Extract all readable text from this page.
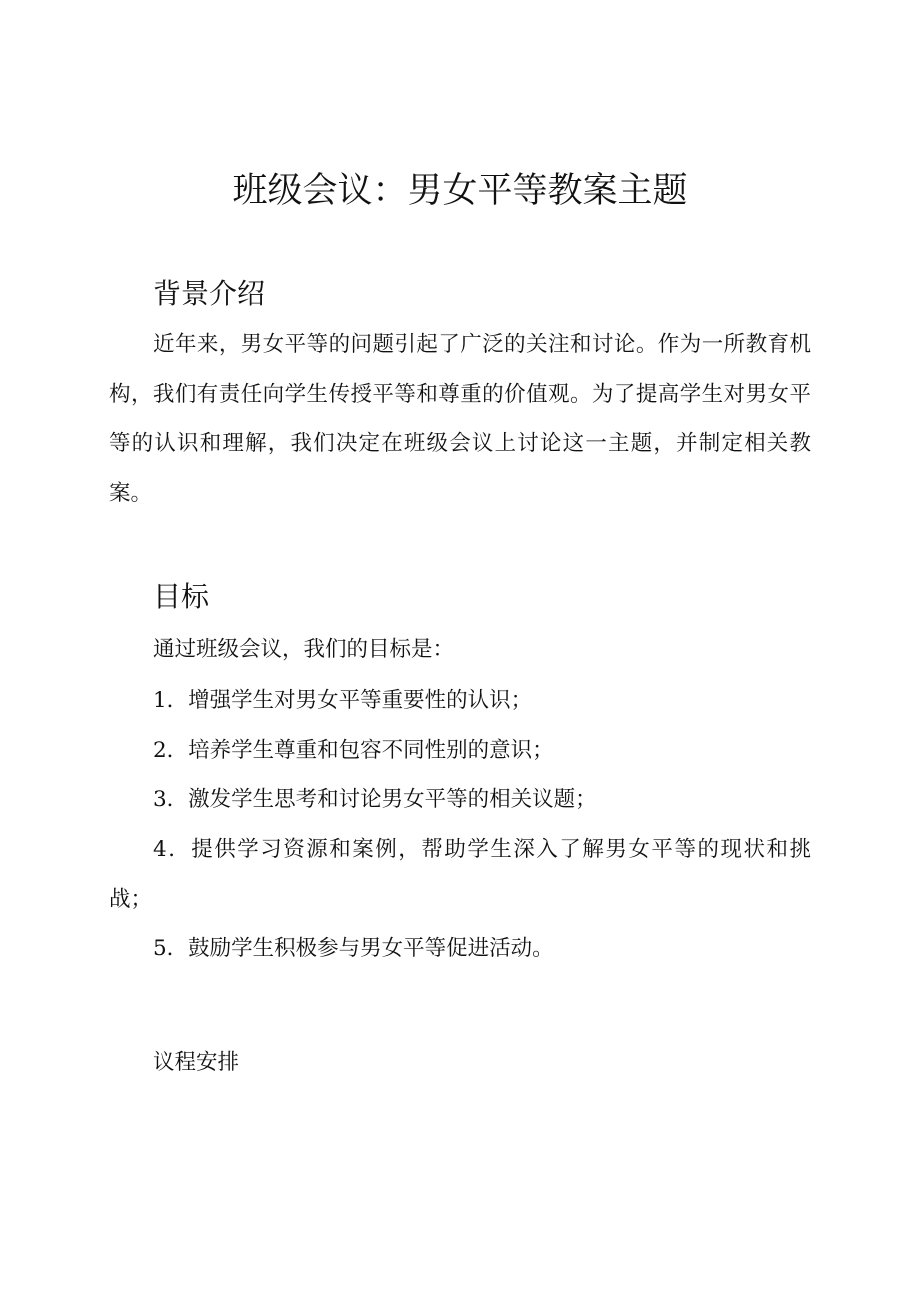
班级会议：男女平等教案主题
背景介绍

近年来，男女平等的问题引起了广泛的关注和讨论。作为一所教育机构，我们有责任向学生传授平等和尊重的价值观。为了提高学生对男女平等的认识和理解，我们决定在班级会议上讨论这一主题，并制定相关教案。

目标

通过班级会议，我们的目标是：

1．增强学生对男女平等重要性的认识；

2．培养学生尊重和包容不同性别的意识；

3．激发学生思考和讨论男女平等的相关议题；

4．提供学习资源和案例，帮助学生深入了解男女平等的现状和挑战；

5．鼓励学生积极参与男女平等促进活动。

议程安排
